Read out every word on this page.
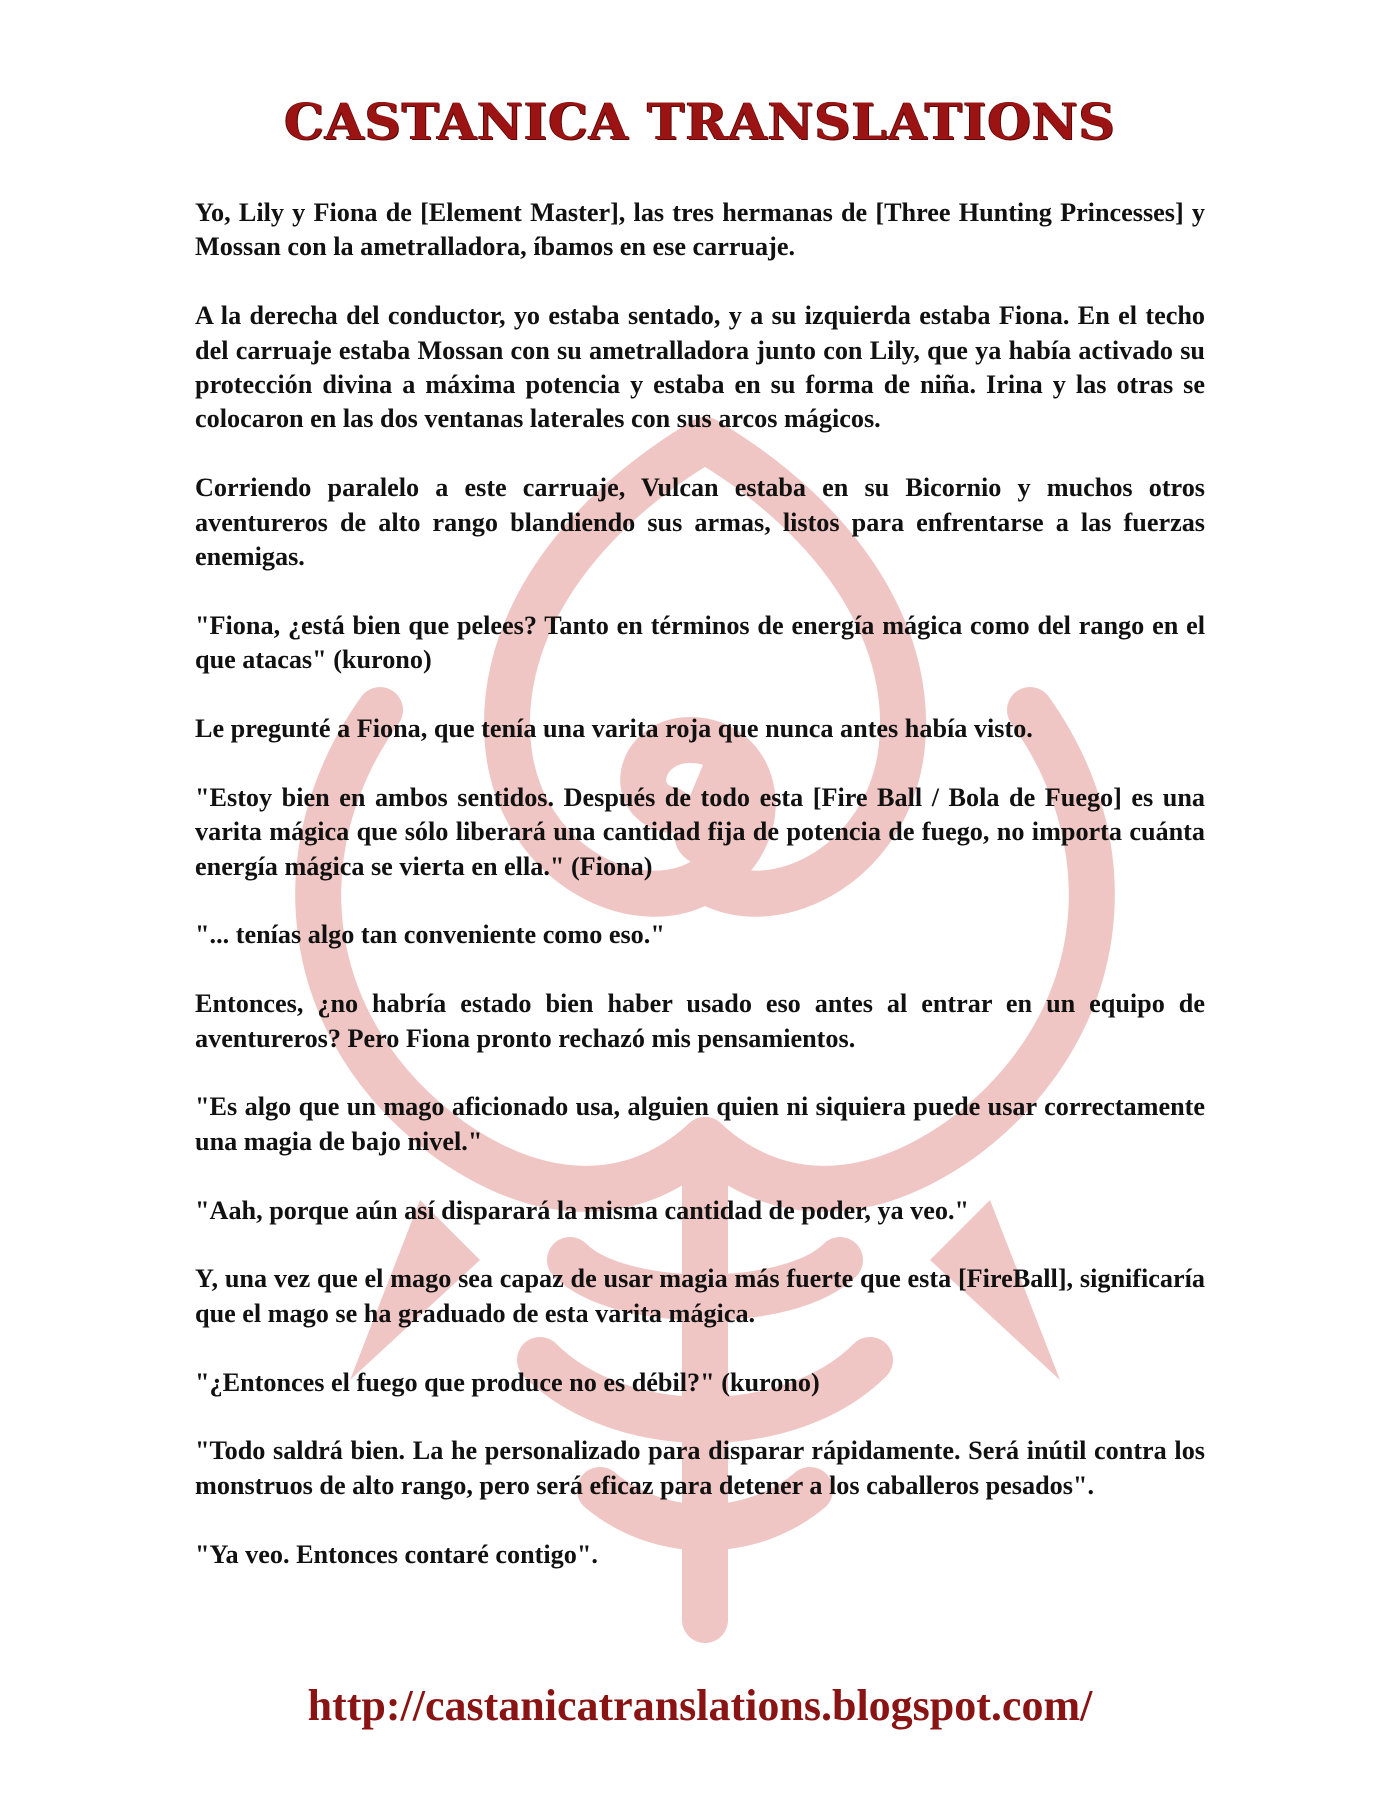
CASTANICA TRANSLATIONS

Yo, Lily y Fiona de [Element Master], las tres hermanas de [Three Hunting Princesses] y Mossan con la ametralladora, íbamos en ese carruaje.

A la derecha del conductor, yo estaba sentado, y a su izquierda estaba Fiona. En el techo del carruaje estaba Mossan con su ametralladora junto con Lily, que ya había activado su protección divina a máxima potencia y estaba en su forma de niña. Irina y las otras se colocaron en las dos ventanas laterales con sus arcos mágicos.

Corriendo paralelo a este carruaje, Vulcan estaba en su Bicornio y muchos otros aventureros de alto rango blandiendo sus armas, listos para enfrentarse a las fuerzas enemigas.

"Fiona, ¿está bien que pelees? Tanto en términos de energía mágica como del rango en el que atacas" (kurono)

Le pregunté a Fiona, que tenía una varita roja que nunca antes había visto.

"Estoy bien en ambos sentidos. Después de todo esta [Fire Ball / Bola de Fuego] es una varita mágica que sólo liberará una cantidad fija de potencia de fuego, no importa cuánta energía mágica se vierta en ella." (Fiona)

"... tenías algo tan conveniente como eso."

Entonces, ¿no habría estado bien haber usado eso antes al entrar en un equipo de aventureros? Pero Fiona pronto rechazó mis pensamientos.

"Es algo que un mago aficionado usa, alguien quien ni siquiera puede usar correctamente una magia de bajo nivel."

"Aah, porque aún así disparará la misma cantidad de poder, ya veo."

Y, una vez que el mago sea capaz de usar magia más fuerte que esta [FireBall], significaría que el mago se ha graduado de esta varita mágica.

"¿Entonces el fuego que produce no es débil?" (kurono)

"Todo saldrá bien. La he personalizado para disparar rápidamente. Será inútil contra los monstruos de alto rango, pero será eficaz para detener a los caballeros pesados".

"Ya veo. Entonces contaré contigo".

http://castanicatranslations.blogspot.com/
